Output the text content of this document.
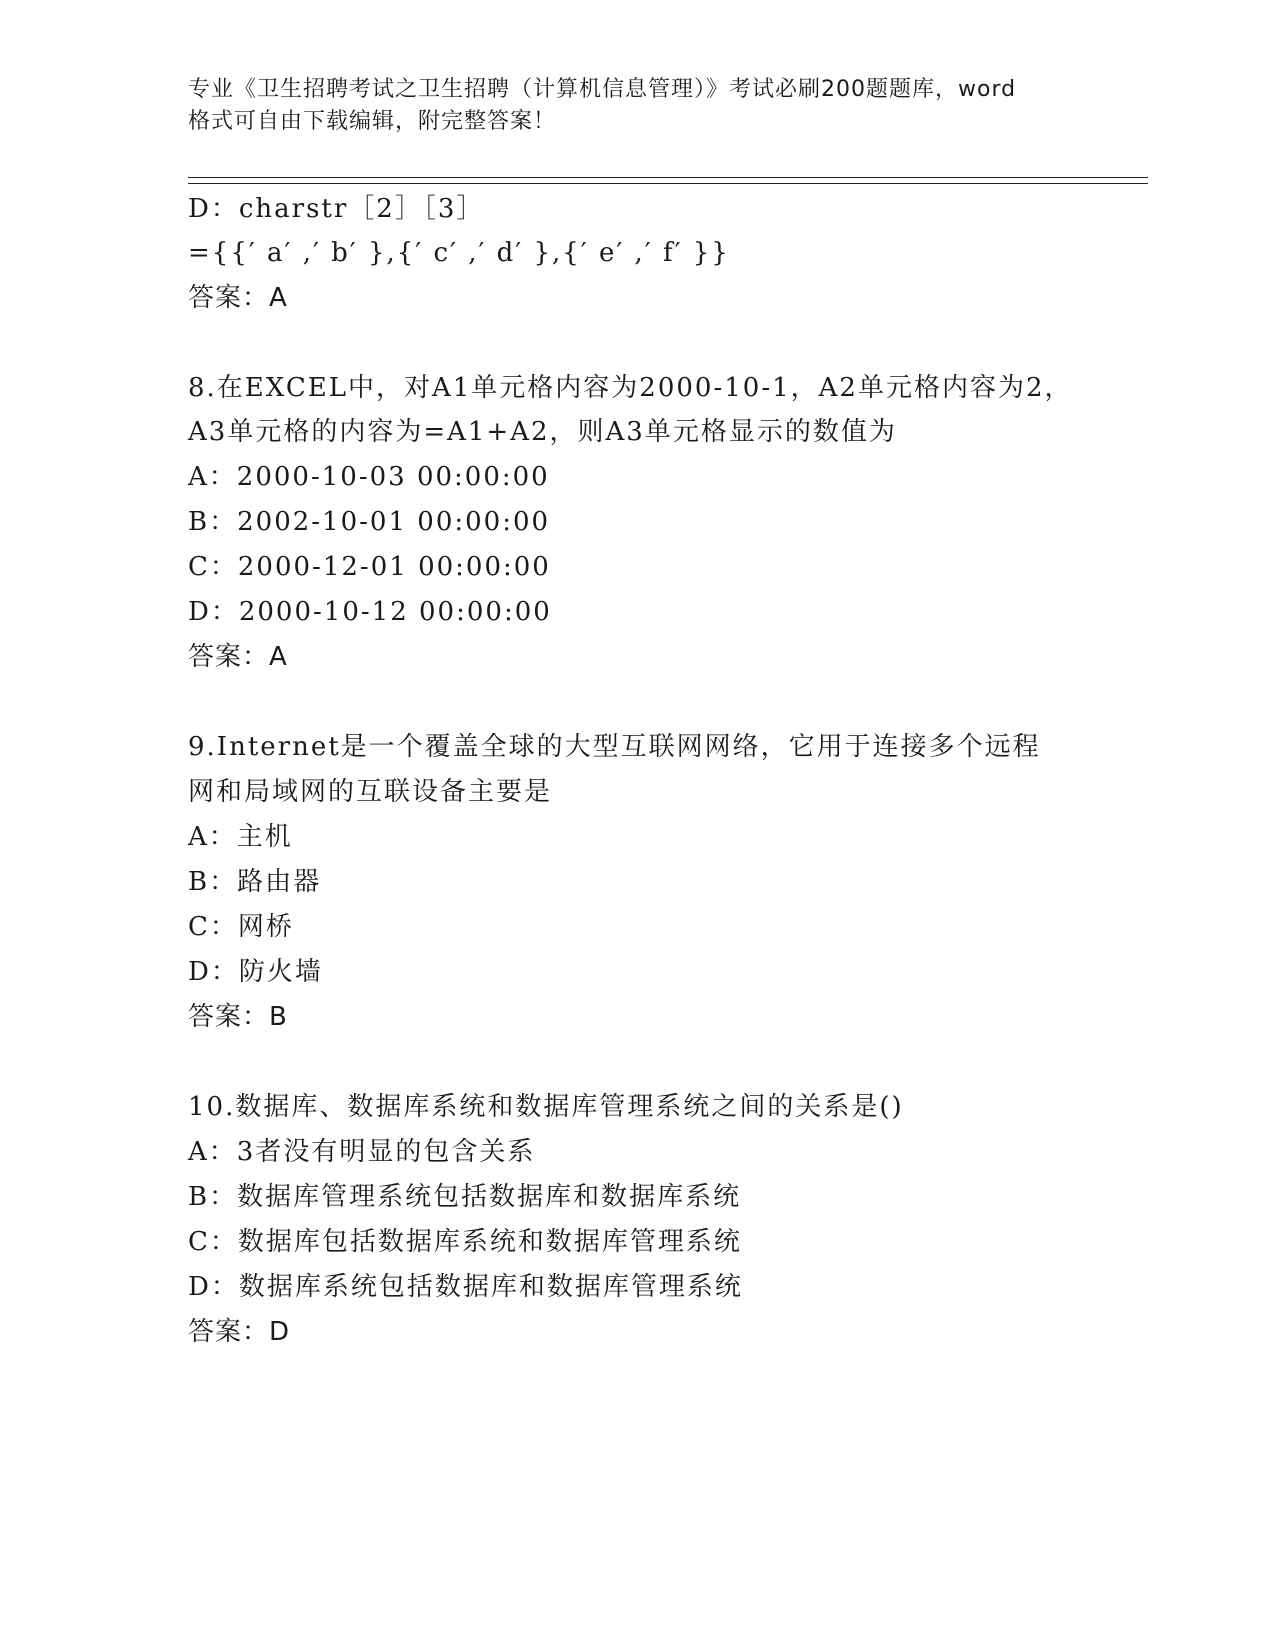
专业《卫生招聘考试之卫生招聘（计算机信息管理）》考试必刷200题题库，word
格式可自由下载编辑，附完整答案！
D：charstr［2］［3］
={{′ a′ ,′ b′ },{′ c′ ,′ d′ },{′ e′ ,′ f′ }}
答案：A
8.在EXCEL中，对A1单元格内容为2000-10-1，A2单元格内容为2，
A3单元格的内容为=A1+A2，则A3单元格显示的数值为
A：2000-10-03 00:00:00
B：2002-10-01 00:00:00
C：2000-12-01 00:00:00
D：2000-10-12 00:00:00
答案：A
9.Internet是一个覆盖全球的大型互联网网络，它用于连接多个远程
网和局域网的互联设备主要是
A：主机
B：路由器
C：网桥
D：防火墙
答案：B
10.数据库、数据库系统和数据库管理系统之间的关系是()
A：3者没有明显的包含关系
B：数据库管理系统包括数据库和数据库系统
C：数据库包括数据库系统和数据库管理系统
D：数据库系统包括数据库和数据库管理系统
答案：D
